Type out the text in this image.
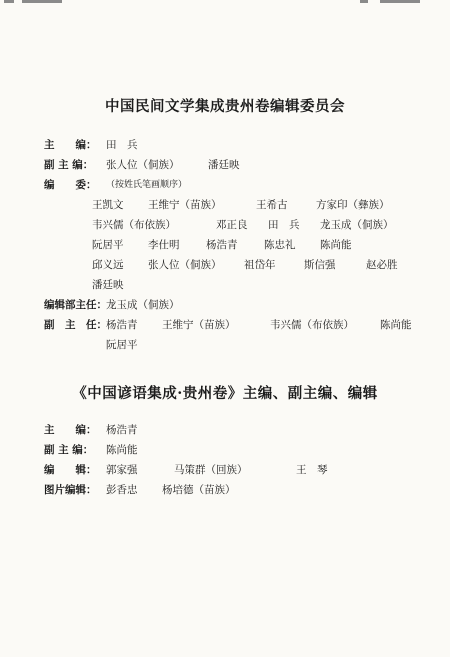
中国民间文学集成贵州卷编辑委员会
主　　编： 田　兵
副 主 编：	张人位（侗族）	潘廷映
编　　委：	（按姓氏笔画顺序）
王凯文 王维宁（苗族）	王希古	方家印（彝族）
韦兴儒（布依族）	邓正良 田　兵 龙玉成（侗族）
阮居平 李仕明	杨浩青	陈忠礼 陈尚能
邱义远 张人位（侗族） 祖岱年	斯信强	赵必胜
潘廷映
编辑部主任： 龙玉成（侗族）
副　主　任： 杨浩青 王维宁（苗族）	韦兴儒（布依族） 陈尚能
阮居平
《中国谚语集成·贵州卷》主编、副主编、编辑
主　　编： 杨浩青
副 主 编：	陈尚能
编　　辑： 郭家强	马策群（回族）	王　琴
图片编辑： 彭香忠 杨培德（苗族）
